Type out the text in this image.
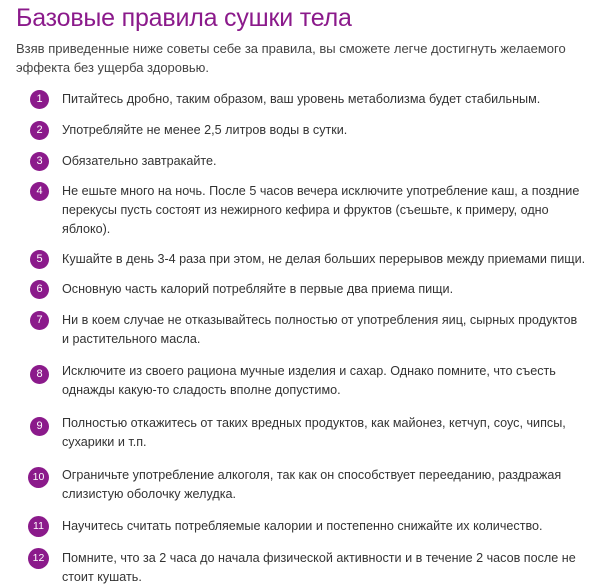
Базовые правила сушки тела

Взяв приведенные ниже советы себе за правила, вы сможете легче достигнуть желаемого эффекта без ущерба здоровью.

1	Питайтесь дробно, таким образом, ваш уровень метаболизма будет стабильным.
2	Употребляйте не менее 2,5 литров воды в сутки.
3	Обязательно завтракайте.
4	Не ешьте много на ночь. После 5 часов вечера исключите употребление каш, а поздние перекусы пусть состоят из нежирного кефира и фруктов (съешьте, к примеру, одно яблоко).
5	Кушайте в день 3-4 раза при этом, не делая больших перерывов между приемами пищи.
6	Основную часть калорий потребляйте в первые два приема пищи.
7	Ни в коем случае не отказывайтесь полностью от употребления яиц, сырных продуктов и растительного масла.
8	Исключите из своего рациона мучные изделия и сахар. Однако помните, что съесть однажды какую-то сладость вполне допустимо.
9	Полностью откажитесь от таких вредных продуктов, как майонез, кетчуп, соус, чипсы, сухарики и т.п.
10	Ограничьте употребление алкоголя, так как он способствует перееданию, раздражая слизистую оболочку желудка.
11	Научитесь считать потребляемые калории и постепенно снижайте их количество.
12	Помните, что за 2 часа до начала физической активности и в течение 2 часов после не стоит кушать.
